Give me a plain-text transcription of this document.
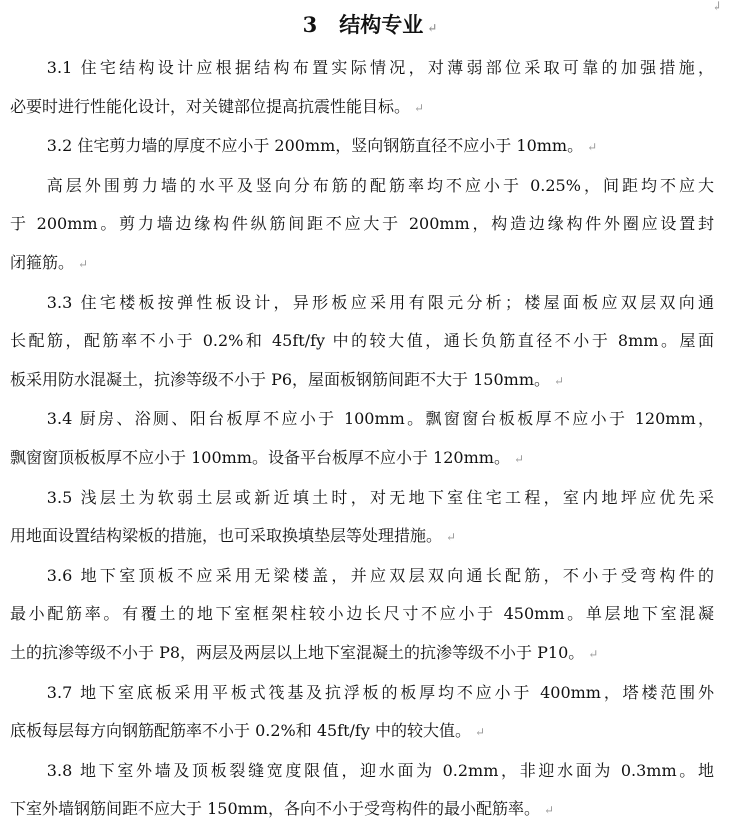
↲
3 结构专业 ↵

3.1 住宅结构设计应根据结构布置实际情况，对薄弱部位采取可靠的加强措施，
必要时进行性能化设计，对关键部位提高抗震性能目标。 ↵

3.2 住宅剪力墙的厚度不应小于 200mm，竖向钢筋直径不应小于 10mm。 ↵

高层外围剪力墙的水平及竖向分布筋的配筋率均不应小于 0.25%，间距均不应大
于 200mm。剪力墙边缘构件纵筋间距不应大于 200mm，构造边缘构件外圈应设置封
闭箍筋。 ↵

3.3 住宅楼板按弹性板设计，异形板应采用有限元分析；楼屋面板应双层双向通
长配筋，配筋率不小于 0.2%和 45ft/fy 中的较大值，通长负筋直径不小于 8mm。屋面
板采用防水混凝土，抗渗等级不小于 P6，屋面板钢筋间距不大于 150mm。 ↵

3.4 厨房、浴厕、阳台板厚不应小于 100mm。飘窗窗台板板厚不应小于 120mm，
飘窗窗顶板板厚不应小于 100mm。设备平台板厚不应小于 120mm。 ↵

3.5 浅层土为软弱土层或新近填土时，对无地下室住宅工程，室内地坪应优先采
用地面设置结构梁板的措施，也可采取换填垫层等处理措施。 ↵

3.6 地下室顶板不应采用无梁楼盖，并应双层双向通长配筋，不小于受弯构件的
最小配筋率。有覆土的地下室框架柱较小边长尺寸不应小于 450mm。单层地下室混凝
土的抗渗等级不小于 P8，两层及两层以上地下室混凝土的抗渗等级不小于 P10。 ↵

3.7 地下室底板采用平板式筏基及抗浮板的板厚均不应小于 400mm，塔楼范围外
底板每层每方向钢筋配筋率不小于 0.2%和 45ft/fy 中的较大值。 ↵

3.8 地下室外墙及顶板裂缝宽度限值，迎水面为 0.2mm，非迎水面为 0.3mm。地
下室外墙钢筋间距不应大于 150mm，各向不小于受弯构件的最小配筋率。 ↵
